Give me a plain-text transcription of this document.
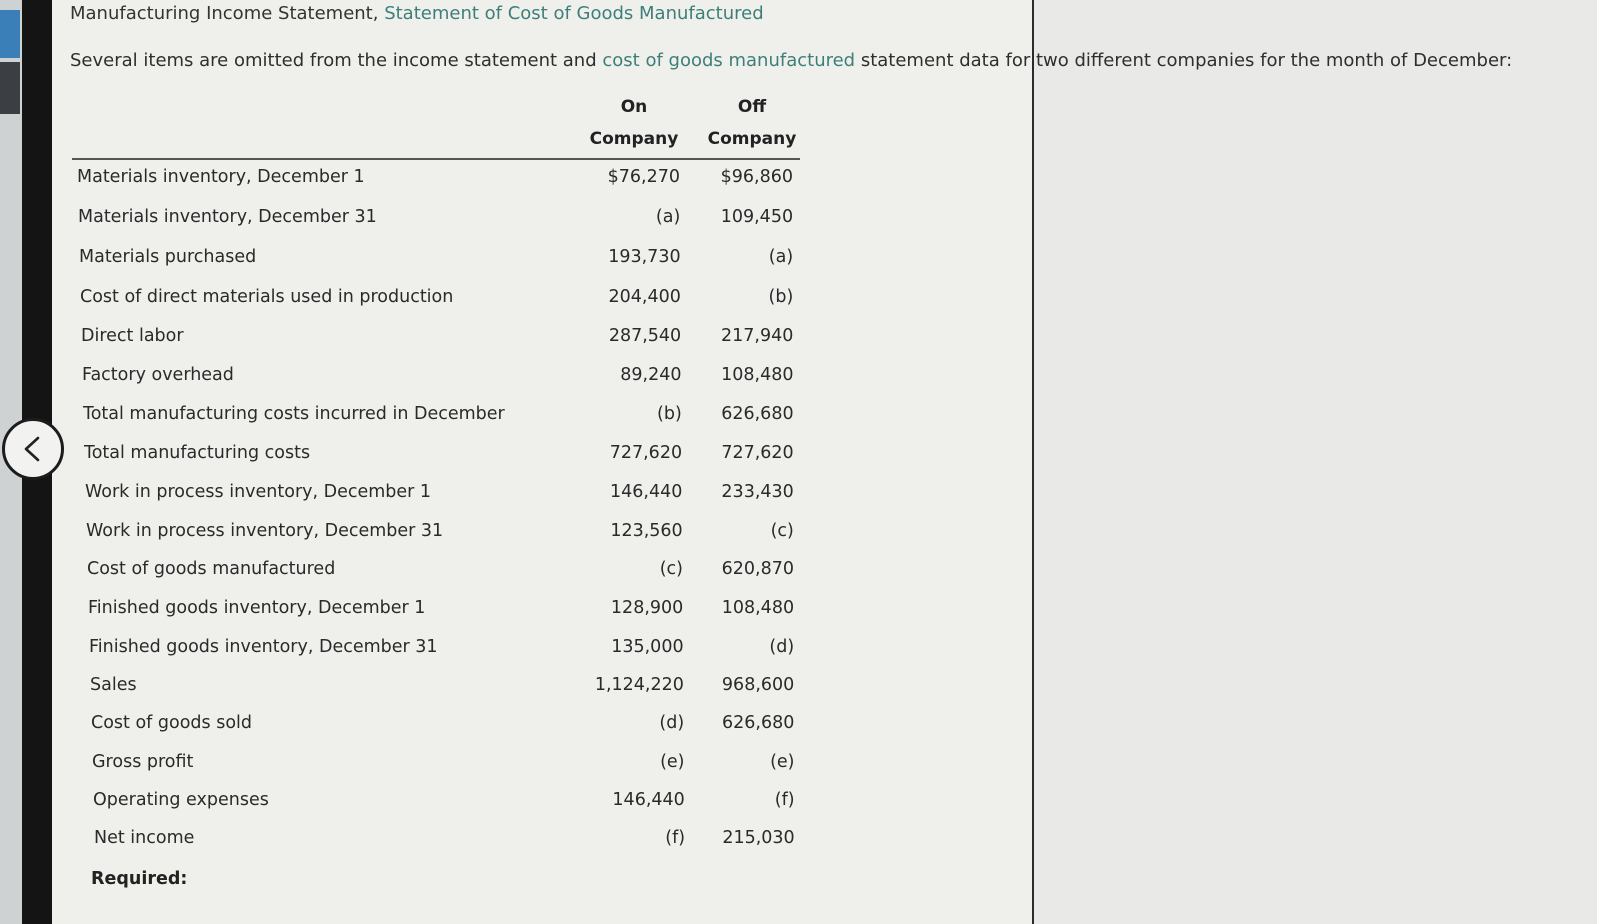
Manufacturing Income Statement, Statement of Cost of Goods Manufactured
Several items are omitted from the income statement and cost of goods manufactured statement data for two different companies for the month of December:
On
Company
Off
Company
Materials inventory, December 1	$76,270	$96,860
Materials inventory, December 31	(a)	109,450
Materials purchased	193,730	(a)
Cost of direct materials used in production	204,400	(b)
Direct labor	287,540	217,940
Factory overhead	89,240	108,480
Total manufacturing costs incurred in December	(b)	626,680
Total manufacturing costs	727,620	727,620
Work in process inventory, December 1	146,440	233,430
Work in process inventory, December 31	123,560	(c)
Cost of goods manufactured	(c)	620,870
Finished goods inventory, December 1	128,900	108,480
Finished goods inventory, December 31	135,000	(d)
Sales	1,124,220	968,600
Cost of goods sold	(d)	626,680
Gross profit	(e)	(e)
Operating expenses	146,440	(f)
Net income	(f)	215,030
Required:
